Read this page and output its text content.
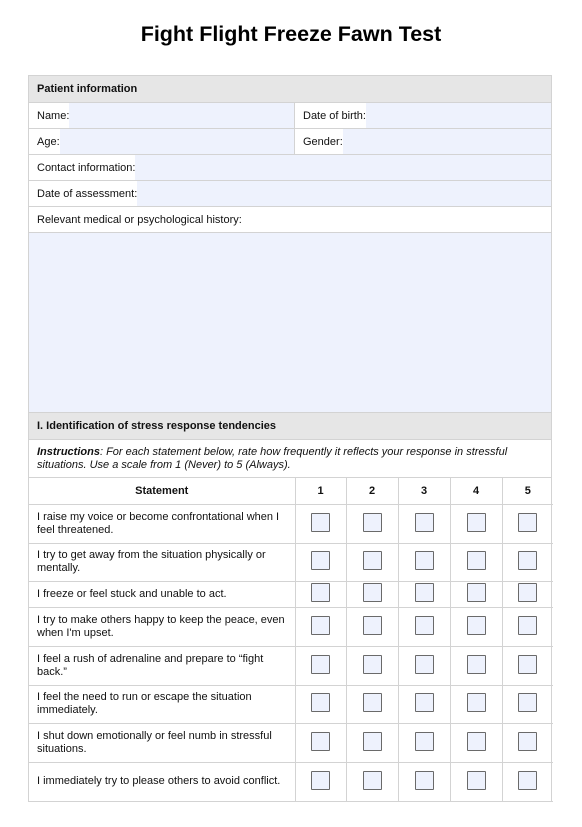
Fight Flight Freeze Fawn Test
Patient information
Name:	Date of birth:
Age:	Gender:
Contact information:
Date of assessment:
Relevant medical or psychological history:
I. Identification of stress response tendencies
Instructions: For each statement below, rate how frequently it reflects your response in stressful situations. Use a scale from 1 (Never) to 5 (Always).
Statement	1	2	3	4	5
I raise my voice or become confrontational when I feel threatened.					
I try to get away from the situation physically or mentally.					
I freeze or feel stuck and unable to act.					
I try to make others happy to keep the peace, even when I'm upset.					
I feel a rush of adrenaline and prepare to “fight back.”					
I feel the need to run or escape the situation immediately.					
I shut down emotionally or feel numb in stressful situations.					
I immediately try to please others to avoid conflict.					
